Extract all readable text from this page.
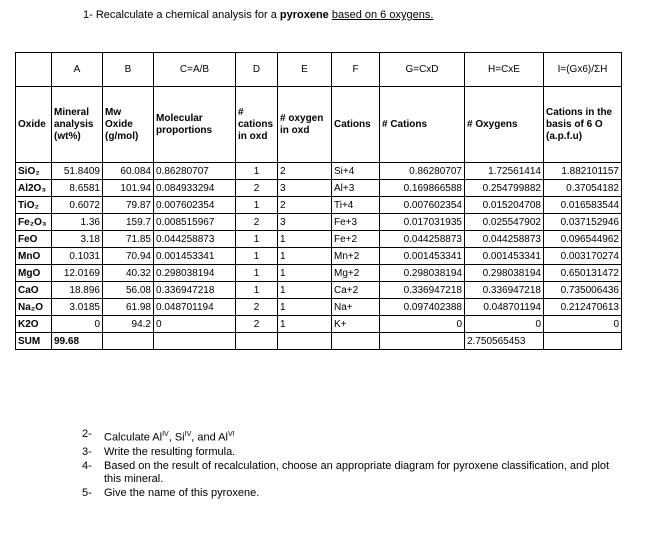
1- Recalculate a chemical analysis for a pyroxene based on 6 oxygens.
	A	B	C=A/B	D	E	F	G=CxD	H=CxE	I=(Gx6)/ΣH
Oxide	Mineral analysis (wt%)	Mw Oxide (g/mol)	Molecular proportions	# cations in oxd	# oxygen in oxd	Cations	# Cations	# Oxygens	Cations in the basis of 6 O (a.p.f.u)
SiO₂	51.8409	60.084	0.86280707	1	2	Si+4	0.86280707	1.72561414	1.882101157
Al2O₃	8.6581	101.94	0.084933294	2	3	Al+3	0.169866588	0.254799882	0.37054182
TiO₂	0.6072	79.87	0.007602354	1	2	Ti+4	0.007602354	0.015204708	0.016583544
Fe₂O₃	1.36	159.7	0.008515967	2	3	Fe+3	0.017031935	0.025547902	0.037152946
FeO	3.18	71.85	0.044258873	1	1	Fe+2	0.044258873	0.044258873	0.096544962
MnO	0.1031	70.94	0.001453341	1	1	Mn+2	0.001453341	0.001453341	0.003170274
MgO	12.0169	40.32	0.298038194	1	1	Mg+2	0.298038194	0.298038194	0.650131472
CaO	18.896	56.08	0.336947218	1	1	Ca+2	0.336947218	0.336947218	0.735006436
Na₂O	3.0185	61.98	0.048701194	2	1	Na+	0.097402388	0.048701194	0.212470613
K2O	0	94.2	0	2	1	K+	0	0	0
SUM	99.68							2.750565453	
2-	Calculate $Al^{IV}$, $Si^{IV}$, and $Al^{VI}$
3-	Write the resulting formula.
4-	Based on the result of recalculation, choose an appropriate diagram for pyroxene classification, and plot this mineral.
5-	Give the name of this pyroxene.
